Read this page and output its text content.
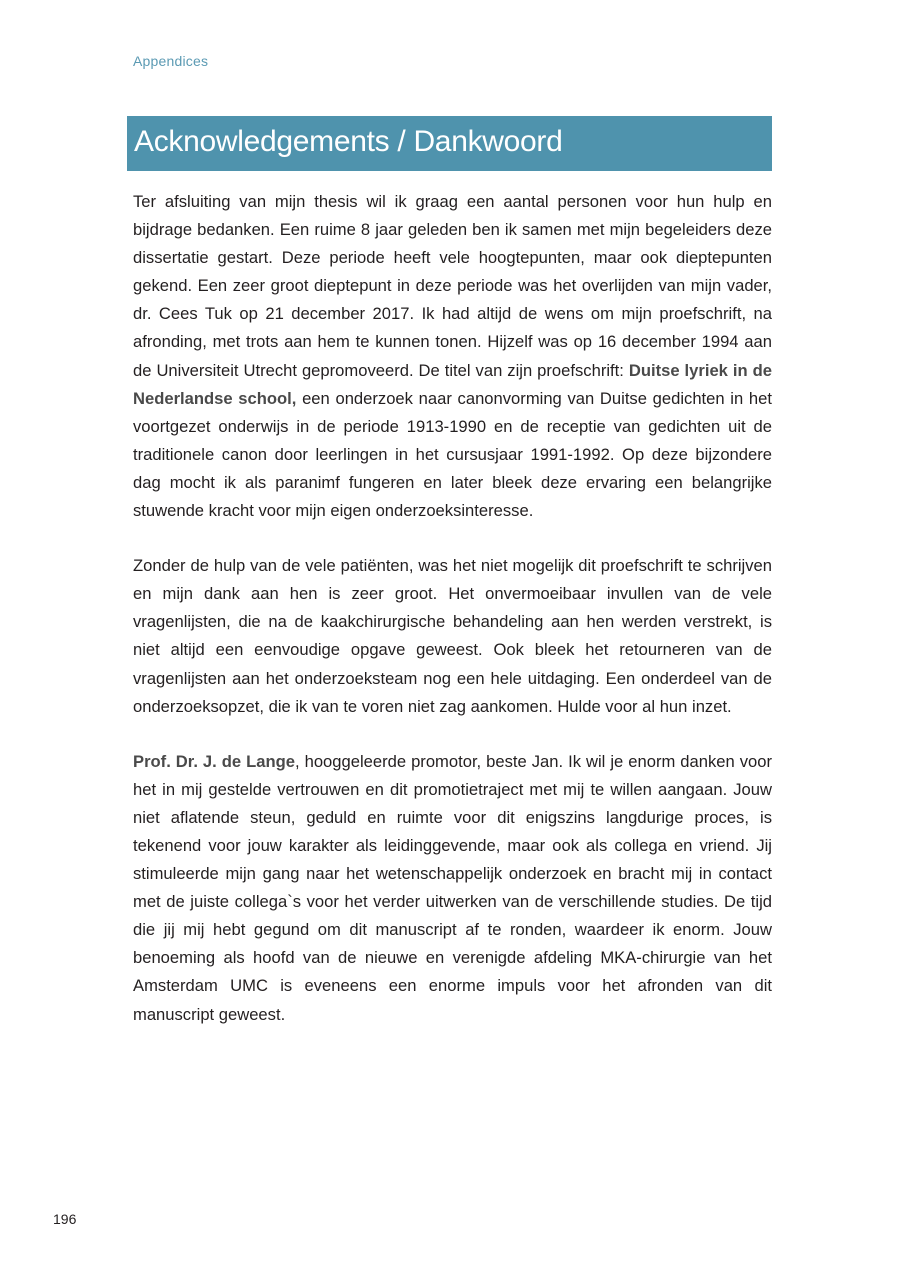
Appendices
Acknowledgements / Dankwoord

Ter afsluiting van mijn thesis wil ik graag een aantal personen voor hun hulp en bijdrage bedanken. Een ruime 8 jaar geleden ben ik samen met mijn begeleiders deze dissertatie gestart. Deze periode heeft vele hoogtepunten, maar ook dieptepunten gekend. Een zeer groot dieptepunt in deze periode was het overlijden van mijn vader, dr. Cees Tuk op 21 december 2017. Ik had altijd de wens om mijn proefschrift, na afronding, met trots aan hem te kunnen tonen. Hijzelf was op 16 december 1994 aan de Universiteit Utrecht gepromoveerd. De titel van zijn proefschrift: Duitse lyriek in de Nederlandse school, een onderzoek naar canonvorming van Duitse gedichten in het voortgezet onderwijs in de periode 1913-1990 en de receptie van gedichten uit de traditionele canon door leerlingen in het cursusjaar 1991-1992. Op deze bijzondere dag mocht ik als paranimf fungeren en later bleek deze ervaring een belangrijke stuwende kracht voor mijn eigen onderzoeksinteresse.

Zonder de hulp van de vele patiënten, was het niet mogelijk dit proefschrift te schrijven en mijn dank aan hen is zeer groot. Het onvermoeibaar invullen van de vele vragenlijsten, die na de kaakchirurgische behandeling aan hen werden verstrekt, is niet altijd een eenvoudige opgave geweest. Ook bleek het retourneren van de vragenlijsten aan het onderzoeksteam nog een hele uitdaging. Een onderdeel van de onderzoeksopzet, die ik van te voren niet zag aankomen. Hulde voor al hun inzet.

Prof. Dr. J. de Lange, hooggeleerde promotor, beste Jan. Ik wil je enorm danken voor het in mij gestelde vertrouwen en dit promotietraject met mij te willen aangaan. Jouw niet aflatende steun, geduld en ruimte voor dit enigszins langdurige proces, is tekenend voor jouw karakter als leidinggevende, maar ook als collega en vriend. Jij stimuleerde mijn gang naar het wetenschappelijk onderzoek en bracht mij in contact met de juiste collega`s voor het verder uitwerken van de verschillende studies. De tijd die jij mij hebt gegund om dit manuscript af te ronden, waardeer ik enorm. Jouw benoeming als hoofd van de nieuwe en verenigde afdeling MKA-chirurgie van het Amsterdam UMC is eveneens een enorme impuls voor het afronden van dit manuscript geweest.

196
